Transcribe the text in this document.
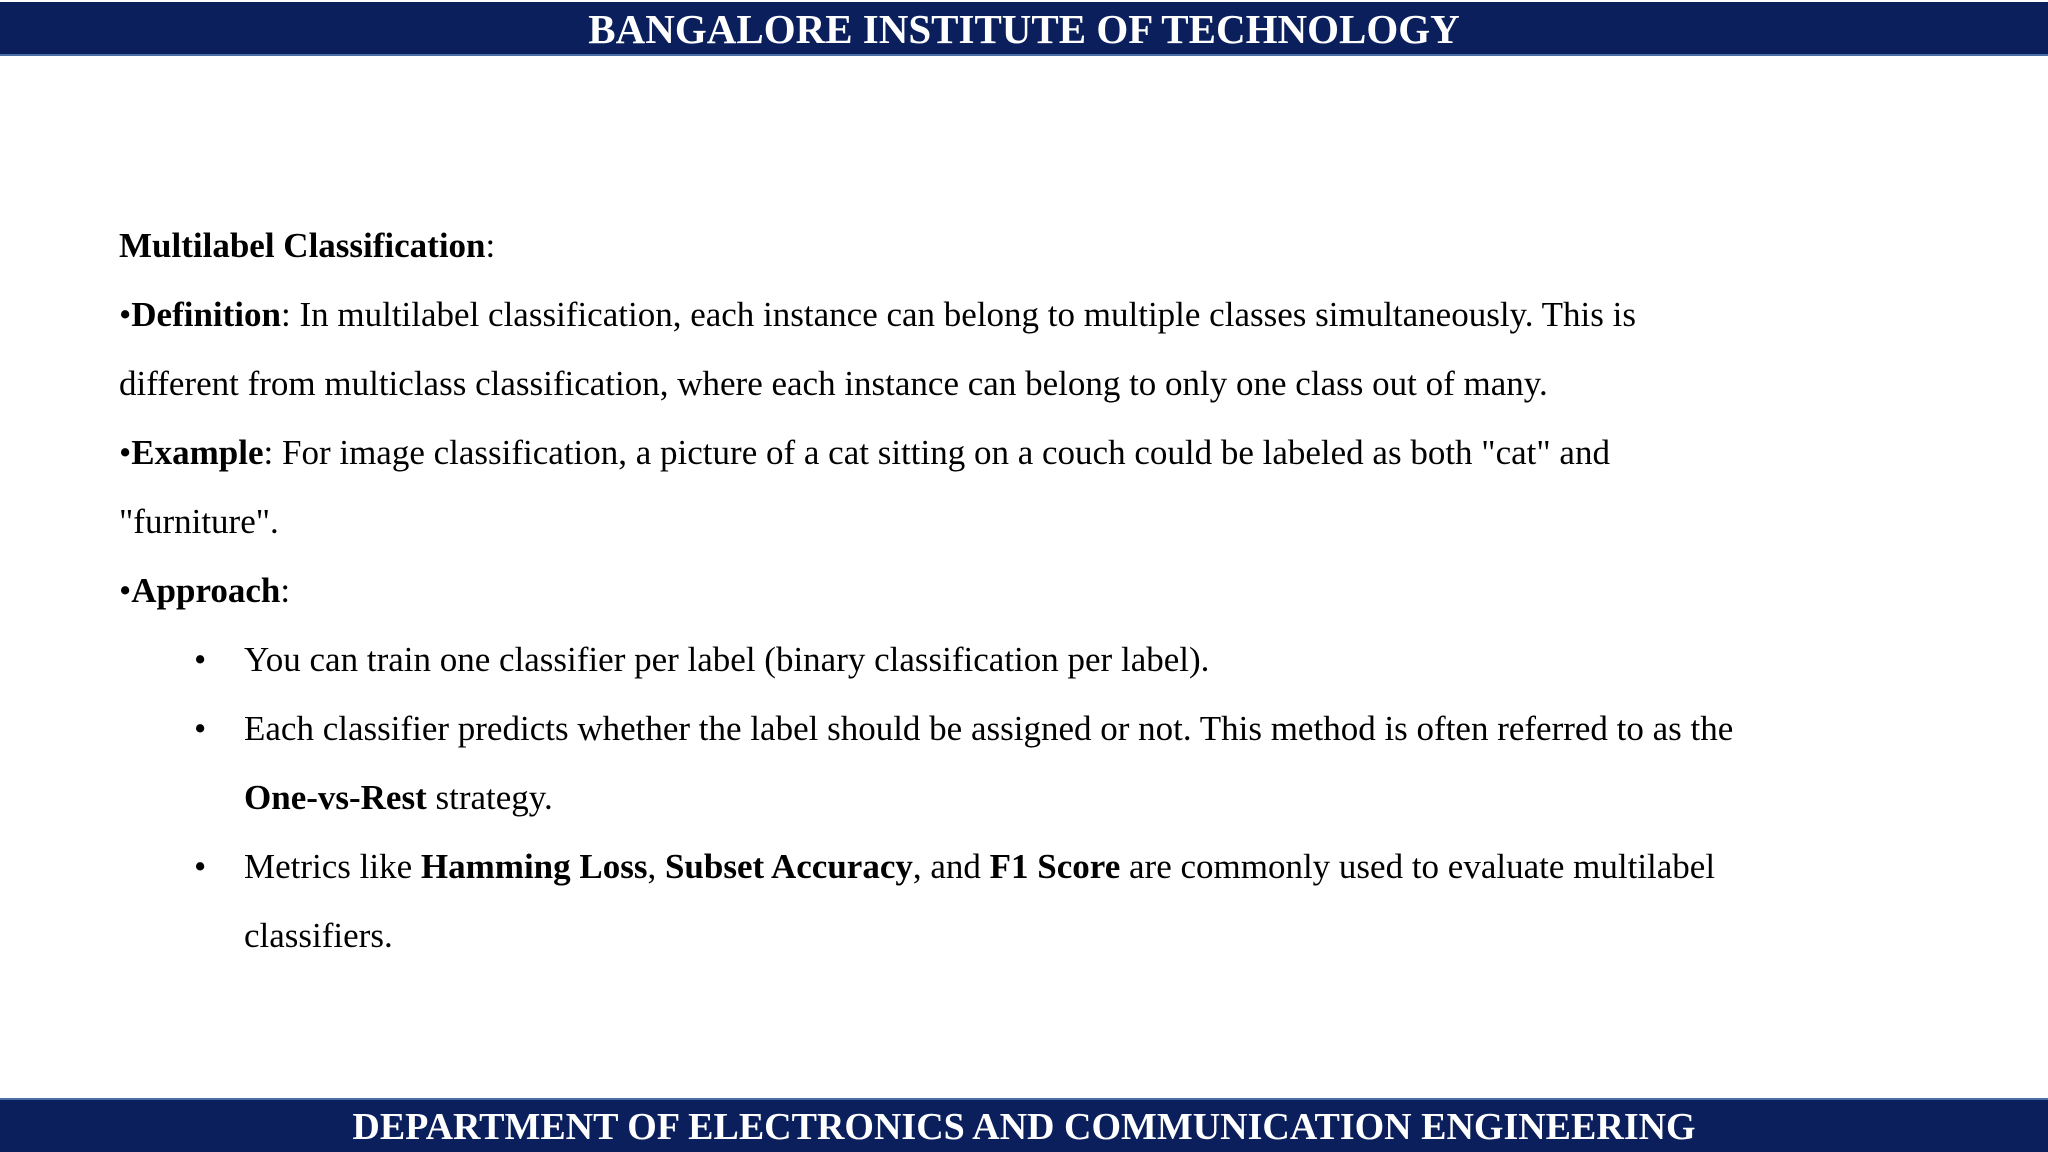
BANGALORE INSTITUTE OF TECHNOLOGY
Multilabel Classification:
•Definition: In multilabel classification, each instance can belong to multiple classes simultaneously. This is
different from multiclass classification, where each instance can belong to only one class out of many.
•Example: For image classification, a picture of a cat sitting on a couch could be labeled as both "cat" and
"furniture".
•Approach:
• You can train one classifier per label (binary classification per label).
• Each classifier predicts whether the label should be assigned or not. This method is often referred to as the
One-vs-Rest strategy.
• Metrics like Hamming Loss, Subset Accuracy, and F1 Score are commonly used to evaluate multilabel
classifiers.
DEPARTMENT OF ELECTRONICS AND COMMUNICATION ENGINEERING
